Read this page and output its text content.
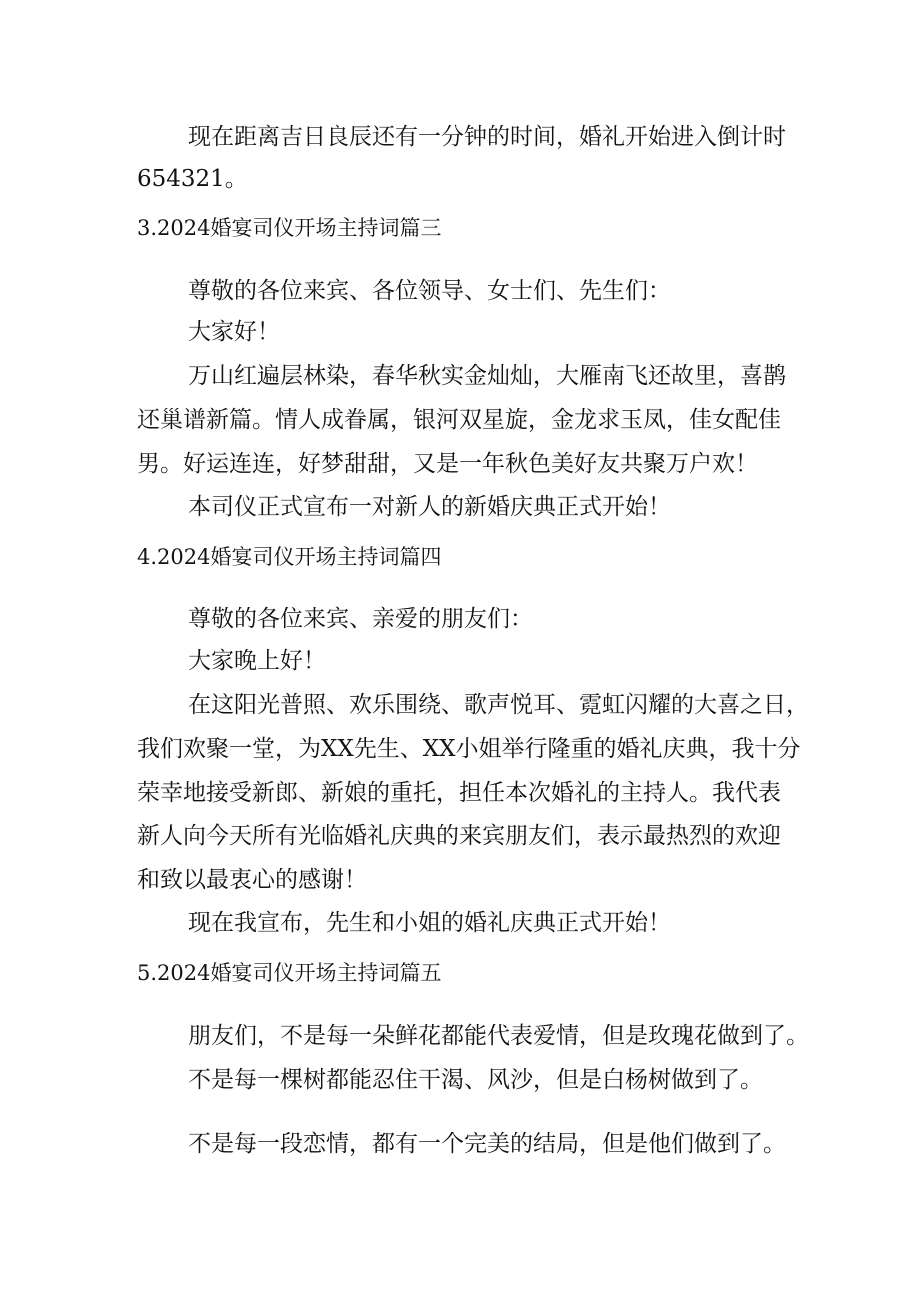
现在距离吉日良辰还有一分钟的时间，婚礼开始进入倒计时
654321。
3.2024婚宴司仪开场主持词篇三
尊敬的各位来宾、各位领导、女士们、先生们：
大家好！
万山红遍层林染，春华秋实金灿灿，大雁南飞还故里，喜鹊
还巢谱新篇。情人成眷属，银河双星旋，金龙求玉凤，佳女配佳
男。好运连连，好梦甜甜，又是一年秋色美好友共聚万户欢！
本司仪正式宣布一对新人的新婚庆典正式开始！
4.2024婚宴司仪开场主持词篇四
尊敬的各位来宾、亲爱的朋友们：
大家晚上好！
在这阳光普照、欢乐围绕、歌声悦耳、霓虹闪耀的大喜之日，
我们欢聚一堂，为XX先生、XX小姐举行隆重的婚礼庆典，我十分
荣幸地接受新郎、新娘的重托，担任本次婚礼的主持人。我代表
新人向今天所有光临婚礼庆典的来宾朋友们，表示最热烈的欢迎
和致以最衷心的感谢！
现在我宣布，先生和小姐的婚礼庆典正式开始！
5.2024婚宴司仪开场主持词篇五
朋友们，不是每一朵鲜花都能代表爱情，但是玫瑰花做到了。
不是每一棵树都能忍住干渴、风沙，但是白杨树做到了。
不是每一段恋情，都有一个完美的结局，但是他们做到了。
